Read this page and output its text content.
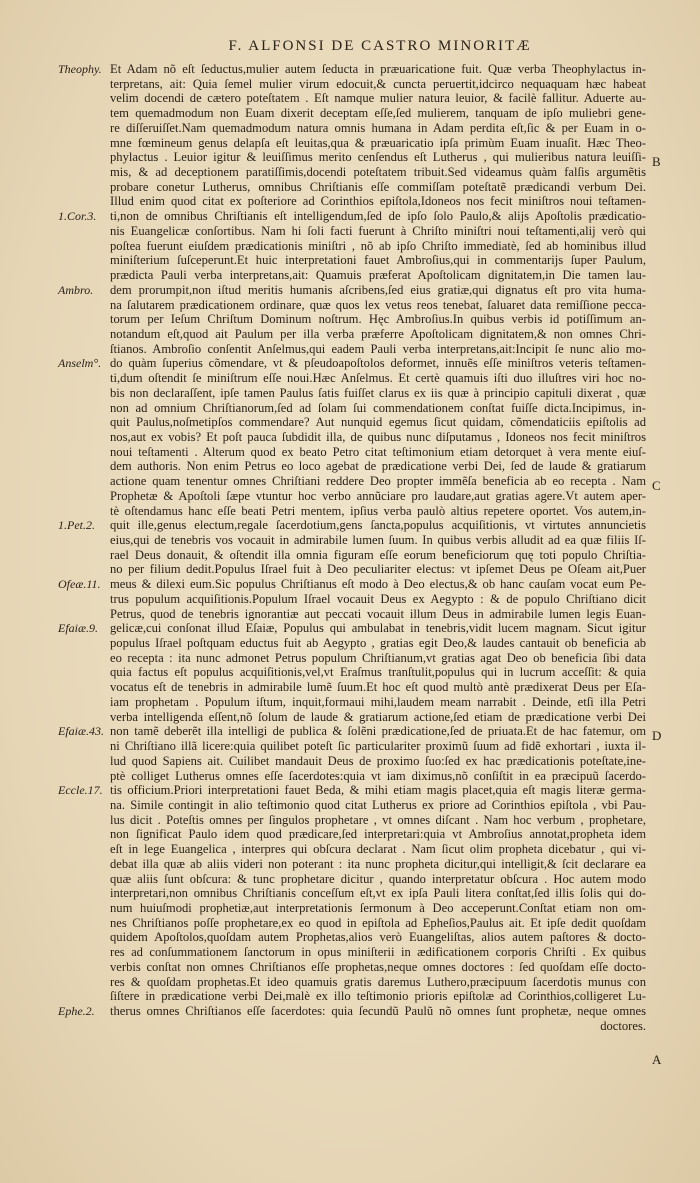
F. ALFONSI DE CASTRO MINORITÆ
Et Adam nõ eſt ſeductus,mulier autem ſeducta in præuaricatione fuit. Quæ verba Theophylactus in-
terpretans, ait: Quia ſemel mulier virum edocuit,& cuncta peruertit,idcirco nequaquam hæc habeat
velim docendi de cætero poteſtatem . Eſt namque mulier natura leuior, & facilè fallitur. Aduerte au-
tem quemadmodum non Euam dixerit deceptam eſſe,ſed mulierem, tanquam de ipſo muliebri gene-
re diſſeruiſſet.Nam quemadmodum natura omnis humana in Adam perdita eſt,ſic & per Euam in o-
mne fœmineum genus delapſa eſt leuitas,qua & præuaricatio ipſa primùm Euam inuaſit. Hæc Theo-
phylactus . Leuior igitur & leuiſſimus merito cenſendus eſt Lutherus , qui mulieribus natura leuiſſi-
mis, & ad deceptionem paratiſſimis,docendi poteſtatem tribuit.Sed videamus quàm falſis argumẽtis
probare conetur Lutherus, omnibus Chriſtianis eſſe commiſſam poteſtatẽ prædicandi verbum Dei.
Illud enim quod citat ex poſteriore ad Corinthios epiſtola,Idoneos nos fecit miniſtros noui teſtamen-
ti,non de omnibus Chriſtianis eſt intelligendum,ſed de ipſo ſolo Paulo,& alijs Apoſtolis prædicatio-
nis Euangelicæ conſortibus. Nam hi ſoli facti fuerunt à Chriſto miniſtri noui teſtamenti,alij verò qui
poſtea fuerunt eiuſdem prædicationis miniſtri , nõ ab ipſo Chriſto immediatè, ſed ab hominibus illud
miniſterium ſuſceperunt.Et huic interpretationi fauet Ambroſius,qui in commentarijs ſuper Paulum,
prædicta Pauli verba interpretans,ait: Quamuis præferat Apoſtolicam dignitatem,in Die tamen lau-
dem prorumpit,non iſtud meritis humanis aſcribens,ſed eius gratiæ,qui dignatus eſt pro vita huma-
na ſalutarem prædicationem ordinare, quæ quos lex vetus reos tenebat, ſaluaret data remiſſione pecca-
torum per Ieſum Chriſtum Dominum noſtrum. Hęc Ambroſius.In quibus verbis id potiſſimum an-
notandum eſt,quod ait Paulum per illa verba præferre Apoſtolicam dignitatem,& non omnes Chri-
ſtianos. Ambroſio conſentit Anſelmus,qui eadem Pauli verba interpretans,ait:Incipit ſe nunc alio mo-
do quàm ſuperius cõmendare, vt & pſeudoapoſtolos deformet, innuẽs eſſe miniſtros veteris teſtamen-
ti,dum oſtendit ſe miniſtrum eſſe noui.Hæc Anſelmus. Et certè quamuis iſti duo illuſtres viri hoc no-
bis non declaraſſent, ipſe tamen Paulus ſatis fuiſſet clarus ex iis quæ à principio capituli dixerat , quæ
non ad omnium Chriſtianorum,ſed ad ſolam ſui commendationem conſtat fuiſſe dicta.Incipimus, in-
quit Paulus,noſmetipſos commendare? Aut nunquid egemus ſicut quidam, cõmendaticiis epiſtolis ad
nos,aut ex vobis? Et poſt pauca ſubdidit illa, de quibus nunc diſputamus , Idoneos nos fecit miniſtros
noui teſtamenti . Alterum quod ex beato Petro citat teſtimonium etiam detorquet à vera mente eiuſ-
dem authoris. Non enim Petrus eo loco agebat de prædicatione verbi Dei, ſed de laude & gratiarum
actione quam tenentur omnes Chriſtiani reddere Deo propter immẽſa beneficia ab eo recepta . Nam
Prophetæ & Apoſtoli ſæpe vtuntur hoc verbo annũciare pro laudare,aut gratias agere.Vt autem aper-
tè oſtendamus hanc eſſe beati Petri mentem, ipſius verba paulò altius repetere oportet. Vos autem,in-
quit ille,genus electum,regale ſacerdotium,gens ſancta,populus acquiſitionis, vt virtutes annuncietis
eius,qui de tenebris vos vocauit in admirabile lumen ſuum. In quibus verbis alludit ad ea quæ filiis Iſ-
rael Deus donauit, & oſtendit illa omnia figuram eſſe eorum beneficiorum quę toti populo Chriſtia-
no per filium dedit.Populus Iſrael fuit à Deo peculiariter electus: vt ipſemet Deus pe Oſeam ait,Puer
meus & dilexi eum.Sic populus Chriſtianus eſt modo à Deo electus,& ob hanc cauſam vocat eum Pe-
trus populum acquiſitionis.Populum Iſrael vocauit Deus ex Aegypto : & de populo Chriſtiano dicit
Petrus, quod de tenebris ignorantiæ aut peccati vocauit illum Deus in admirabile lumen legis Euan-
gelicæ,cui conſonat illud Eſaiæ, Populus qui ambulabat in tenebris,vidit lucem magnam. Sicut igitur
populus Iſrael poſtquam eductus fuit ab Aegypto , gratias egit Deo,& laudes cantauit ob beneficia ab
eo recepta : ita nunc admonet Petrus populum Chriſtianum,vt gratias agat Deo ob beneficia ſibi data
quia factus eſt populus acquiſitionis,vel,vt Eraſmus tranſtulit,populus qui in lucrum acceſſit: & quia
vocatus eſt de tenebris in admirabile lumẽ ſuum.Et hoc eſt quod multò antè prædixerat Deus per Eſa-
iam prophetam . Populum iſtum, inquit,formaui mihi,laudem meam narrabit . Deinde, etſi illa Petri
verba intelligenda eſſent,nõ ſolum de laude & gratiarum actione,ſed etiam de prædicatione verbi Dei
non tamẽ deberẽt illa intelligi de publica & ſolẽni prædicatione,ſed de priuata.Et de hac fatemur, om
ni Chriſtiano illã licere:quia quilibet poteſt ſic particulariter proximũ ſuum ad fidẽ exhortari , iuxta il-
lud quod Sapiens ait. Cuilibet mandauit Deus de proximo ſuo:ſed ex hac prædicationis poteſtate,ine-
ptè colliget Lutherus omnes eſſe ſacerdotes:quia vt iam diximus,nõ conſiſtit in ea præcipuũ ſacerdo-
tis officium.Priori interpretationi fauet Beda, & mihi etiam magis placet,quia eſt magis literæ germa-
na. Simile contingit in alio teſtimonio quod citat Lutherus ex priore ad Corinthios epiſtola , vbi Pau-
lus dicit . Poteſtis omnes per ſingulos prophetare , vt omnes diſcant . Nam hoc verbum , prophetare,
non ſignificat Paulo idem quod prædicare,ſed interpretari:quia vt Ambroſius annotat,propheta idem
eſt in lege Euangelica , interpres qui obſcura declarat . Nam ſicut olim propheta dicebatur , qui vi-
debat illa quæ ab aliis videri non poterant : ita nunc propheta dicitur,qui intelligit,& ſcit declarare ea
quæ aliis ſunt obſcura: & tunc prophetare dicitur , quando interpretatur obſcura . Hoc autem modo
interpretari,non omnibus Chriſtianis conceſſum eſt,vt ex ipſa Pauli litera conſtat,ſed illis ſolis qui do-
num huiuſmodi prophetiæ,aut interpretationis ſermonum à Deo acceperunt.Conſtat etiam non om-
nes Chriſtianos poſſe prophetare,ex eo quod in epiſtola ad Epheſios,Paulus ait. Et ipſe dedit quoſdam
quidem Apoſtolos,quoſdam autem Prophetas,alios verò Euangeliſtas, alios autem paſtores & docto-
res ad conſummationem ſanctorum in opus miniſterii in ædificationem corporis Chriſti . Ex quibus
verbis conſtat non omnes Chriſtianos eſſe prophetas,neque omnes doctores : ſed quoſdam eſſe docto-
res & quoſdam prophetas.Et ideo quamuis gratis daremus Luthero,præcipuum ſacerdotis munus con
ſiſtere in prædicatione verbi Dei,malè ex illo teſtimonio prioris epiſtolæ ad Corinthios,colligeret Lu-
therus omnes Chriſtianos eſſe ſacerdotes: quia ſecundũ Paulũ nõ omnes ſunt prophetæ, neque omnes
doctores.
Theophy.
1.Cor.3.
Ambro.
Anselm°.
1.Pet.2.
Ofeæ.11.
Efaiæ.9.
Efaiæ.43.
Eccle.17.
Ephe.2.
B
C
D
A
